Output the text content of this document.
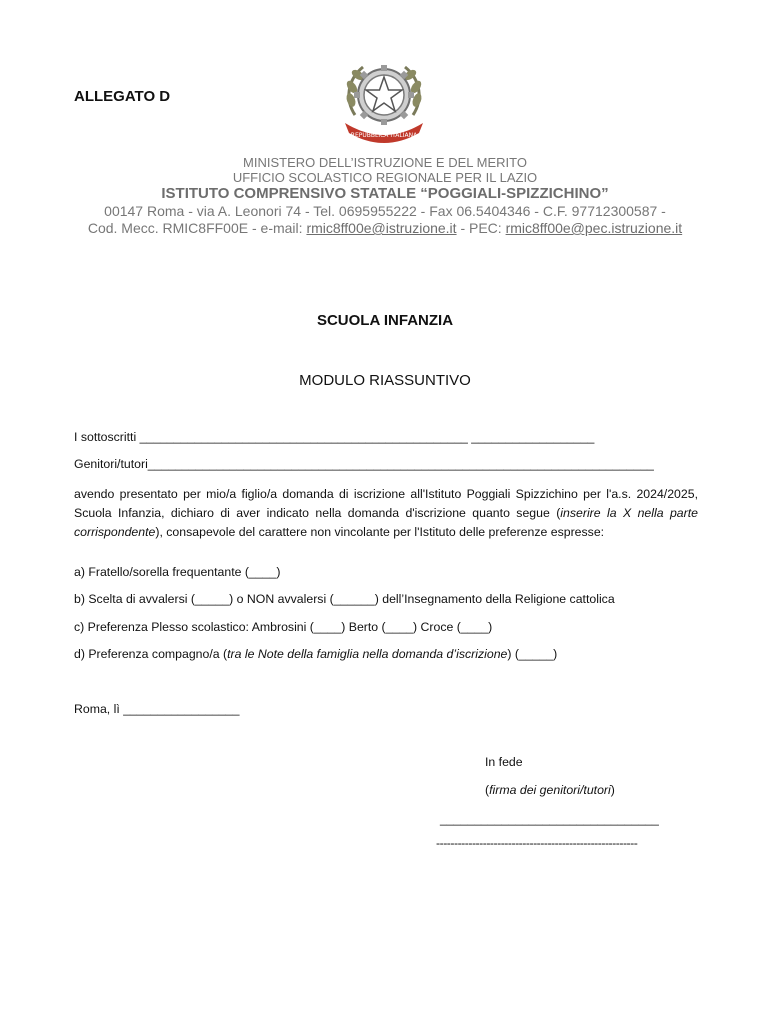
ALLEGATO D
REPUBBLICA ITALIANA
MINISTERO DELL’ISTRUZIONE E DEL MERITO
UFFICIO SCOLASTICO REGIONALE PER IL LAZIO
ISTITUTO COMPRENSIVO STATALE “POGGIALI-SPIZZICHINO”
00147 Roma - via A. Leonori 74 - Tel. 0695955222 - Fax 06.5404346 - C.F. 97712300587 -
Cod. Mecc. RMIC8FF00E - e-mail: rmic8ff00e@istruzione.it - PEC: rmic8ff00e@pec.istruzione.it
SCUOLA INFANZIA
MODULO RIASSUNTIVO
I sottoscritti ________________________________________________ __________________
Genitori/tutori__________________________________________________________________________
avendo presentato per mio/a figlio/a domanda di iscrizione all'Istituto Poggiali Spizzichino per l'a.s. 2024/2025, Scuola Infanzia, dichiaro di aver indicato nella domanda d'iscrizione quanto segue (inserire la X nella parte corrispondente), consapevole del carattere non vincolante per l'Istituto delle preferenze espresse:
a) Fratello/sorella frequentante (____)
b) Scelta di avvalersi (_____) o NON avvalersi (______) dell’Insegnamento della Religione cattolica
c) Preferenza Plesso scolastico: Ambrosini (____) Berto (____) Croce (____)
d) Preferenza compagno/a (tra le Note della famiglia nella domanda d’iscrizione) (_____)
Roma, lì _________________
In fede
(firma dei genitori/tutori)
________________________________
--------------------------------------------------------
